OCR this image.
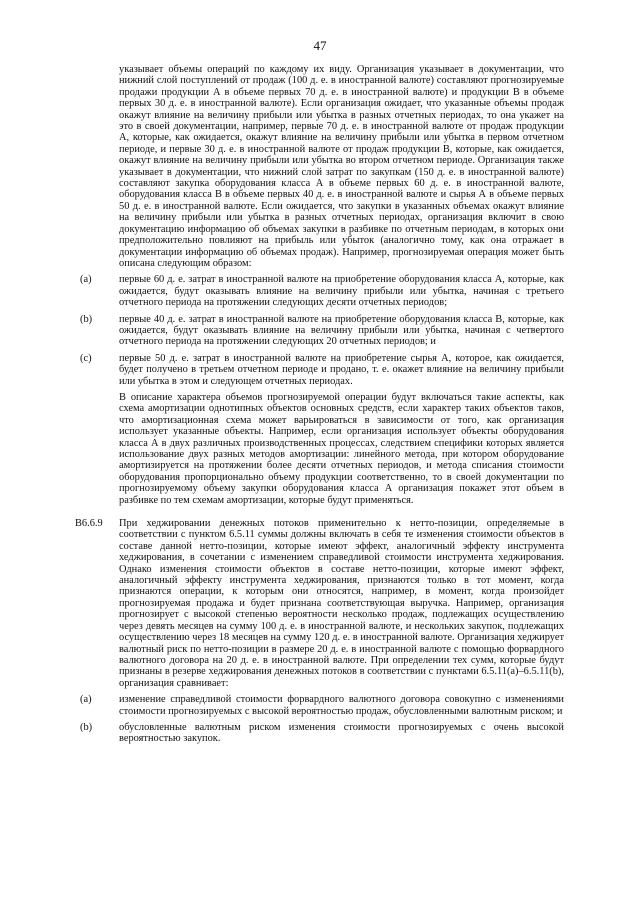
47

указывает объемы операций по каждому их виду. Организация указывает в документации, что нижний слой поступлений от продаж (100 д. е. в иностранной валюте) составляют прогнозируемые продажи продукции А в объеме первых 70 д. е. в иностранной валюте) и продукции В в объеме первых 30 д. е. в иностранной валюте). Если организация ожидает, что указанные объемы продаж окажут влияние на величину прибыли или убытка в разных отчетных периодах, то она укажет на это в своей документации, например, первые 70 д. е. в иностранной валюте от продаж продукции А, которые, как ожидается, окажут влияние на величину прибыли или убытка в первом отчетном периоде, и первые 30 д. е. в иностранной валюте от продаж продукции В, которые, как ожидается, окажут влияние на величину прибыли или убытка во втором отчетном периоде. Организация также указывает в документации, что нижний слой затрат по закупкам (150 д. е. в иностранной валюте) составляют закупка оборудования класса А в объеме первых 60 д. е. в иностранной валюте, оборудования класса В в объеме первых 40 д. е. в иностранной валюте и сырья А в объеме первых 50 д. е. в иностранной валюте. Если ожидается, что закупки в указанных объемах окажут влияние на величину прибыли или убытка в разных отчетных периодах, организация включит в свою документацию информацию об объемах закупки в разбивке по отчетным периодам, в которых они предположительно повлияют на прибыль или убыток (аналогично тому, как она отражает в документации информацию об объемах продаж). Например, прогнозируемая операция может быть описана следующим образом:

(a)	первые 60 д. е. затрат в иностранной валюте на приобретение оборудования класса А, которые, как ожидается, будут оказывать влияние на величину прибыли или убытка, начиная с третьего отчетного периода на протяжении следующих десяти отчетных периодов;
(b)	первые 40 д. е. затрат в иностранной валюте на приобретение оборудования класса В, которые, как ожидается, будут оказывать влияние на величину прибыли или убытка, начиная с четвертого отчетного периода на протяжении следующих 20 отчетных периодов; и
(c)	первые 50 д. е. затрат в иностранной валюте на приобретение сырья А, которое, как ожидается, будет получено в третьем отчетном периоде и продано, т. е. окажет влияние на величину прибыли или убытка в этом и следующем отчетных периодах.

В описание характера объемов прогнозируемой операции будут включаться такие аспекты, как схема амортизации однотипных объектов основных средств, если характер таких объектов таков, что амортизационная схема может варьироваться в зависимости от того, как организация использует указанные объекты. Например, если организация использует объекты оборудования класса А в двух различных производственных процессах, следствием специфики которых является использование двух разных методов амортизации: линейного метода, при котором оборудование амортизируется на протяжении более десяти отчетных периодов, и метода списания стоимости оборудования пропорционально объему продукции соответственно, то в своей документации по прогнозируемому объему закупки оборудования класса А организация покажет этот объем в разбивке по тем схемам амортизации, которые будут применяться.

B6.6.9 При хеджировании денежных потоков применительно к нетто-позиции, определяемые в соответствии с пунктом 6.5.11 суммы должны включать в себя те изменения стоимости объектов в составе данной нетто-позиции, которые имеют эффект, аналогичный эффекту инструмента хеджирования, в сочетании с изменением справедливой стоимости инструмента хеджирования. Однако изменения стоимости объектов в составе нетто-позиции, которые имеют эффект, аналогичный эффекту инструмента хеджирования, признаются только в тот момент, когда признаются операции, к которым они относятся, например, в момент, когда произойдет прогнозируемая продажа и будет признана соответствующая выручка. Например, организация прогнозирует с высокой степенью вероятности несколько продаж, подлежащих осуществлению через девять месяцев на сумму 100 д. е. в иностранной валюте, и нескольких закупок, подлежащих осуществлению через 18 месяцев на сумму 120 д. е. в иностранной валюте. Организация хеджирует валютный риск по нетто-позиции в размере 20 д. е. в иностранной валюте с помощью форвардного валютного договора на 20 д. е. в иностранной валюте. При определении тех сумм, которые будут признаны в резерве хеджирования денежных потоков в соответствии с пунктами 6.5.11(a)–6.5.11(b), организация сравнивает:

(a)	изменение справедливой стоимости форвардного валютного договора совокупно с изменениями стоимости прогнозируемых с высокой вероятностью продаж, обусловленными валютным риском; и
(b)	обусловленные валютным риском изменения стоимости прогнозируемых с очень высокой вероятностью закупок.
